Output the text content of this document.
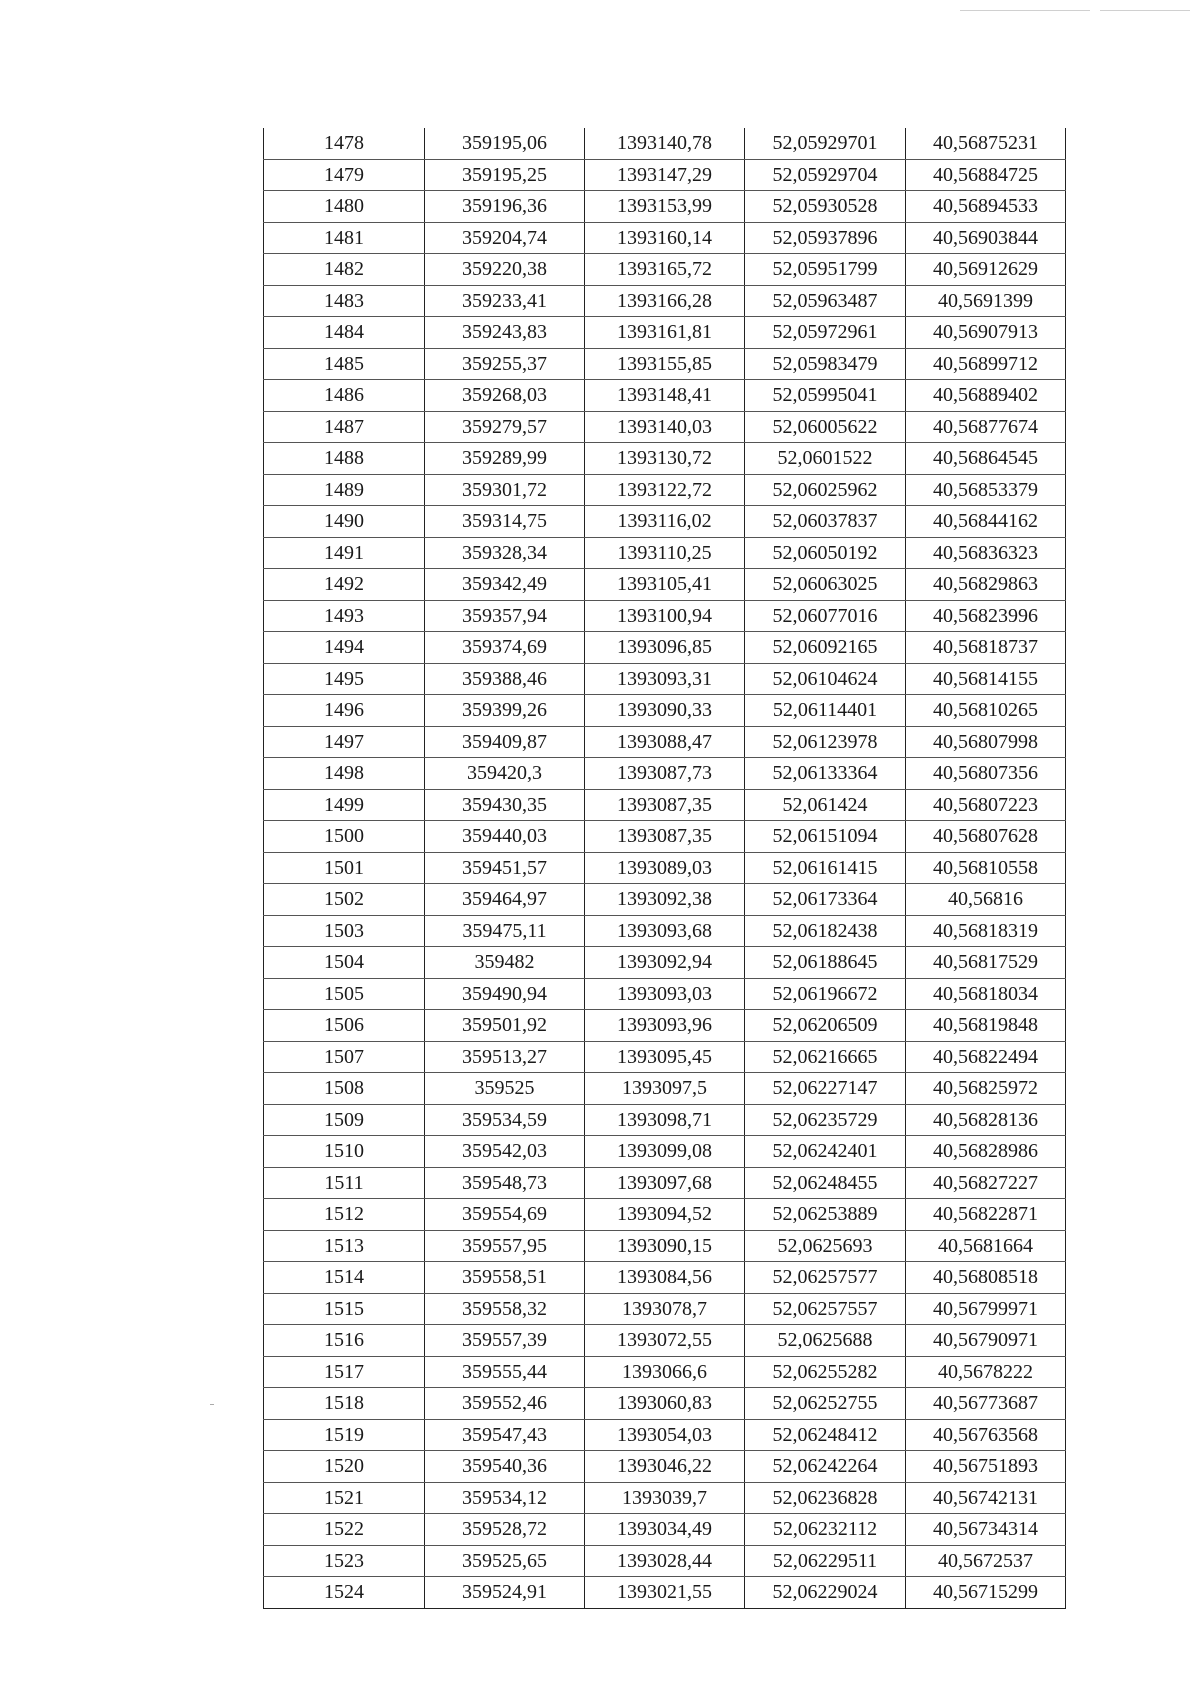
1478	359195,06	1393140,78	52,05929701	40,56875231
1479	359195,25	1393147,29	52,05929704	40,56884725
1480	359196,36	1393153,99	52,05930528	40,56894533
1481	359204,74	1393160,14	52,05937896	40,56903844
1482	359220,38	1393165,72	52,05951799	40,56912629
1483	359233,41	1393166,28	52,05963487	40,5691399
1484	359243,83	1393161,81	52,05972961	40,56907913
1485	359255,37	1393155,85	52,05983479	40,56899712
1486	359268,03	1393148,41	52,05995041	40,56889402
1487	359279,57	1393140,03	52,06005622	40,56877674
1488	359289,99	1393130,72	52,0601522	40,56864545
1489	359301,72	1393122,72	52,06025962	40,56853379
1490	359314,75	1393116,02	52,06037837	40,56844162
1491	359328,34	1393110,25	52,06050192	40,56836323
1492	359342,49	1393105,41	52,06063025	40,56829863
1493	359357,94	1393100,94	52,06077016	40,56823996
1494	359374,69	1393096,85	52,06092165	40,56818737
1495	359388,46	1393093,31	52,06104624	40,56814155
1496	359399,26	1393090,33	52,06114401	40,56810265
1497	359409,87	1393088,47	52,06123978	40,56807998
1498	359420,3	1393087,73	52,06133364	40,56807356
1499	359430,35	1393087,35	52,061424	40,56807223
1500	359440,03	1393087,35	52,06151094	40,56807628
1501	359451,57	1393089,03	52,06161415	40,56810558
1502	359464,97	1393092,38	52,06173364	40,56816
1503	359475,11	1393093,68	52,06182438	40,56818319
1504	359482	1393092,94	52,06188645	40,56817529
1505	359490,94	1393093,03	52,06196672	40,56818034
1506	359501,92	1393093,96	52,06206509	40,56819848
1507	359513,27	1393095,45	52,06216665	40,56822494
1508	359525	1393097,5	52,06227147	40,56825972
1509	359534,59	1393098,71	52,06235729	40,56828136
1510	359542,03	1393099,08	52,06242401	40,56828986
1511	359548,73	1393097,68	52,06248455	40,56827227
1512	359554,69	1393094,52	52,06253889	40,56822871
1513	359557,95	1393090,15	52,0625693	40,5681664
1514	359558,51	1393084,56	52,06257577	40,56808518
1515	359558,32	1393078,7	52,06257557	40,56799971
1516	359557,39	1393072,55	52,0625688	40,56790971
1517	359555,44	1393066,6	52,06255282	40,5678222
1518	359552,46	1393060,83	52,06252755	40,56773687
1519	359547,43	1393054,03	52,06248412	40,56763568
1520	359540,36	1393046,22	52,06242264	40,56751893
1521	359534,12	1393039,7	52,06236828	40,56742131
1522	359528,72	1393034,49	52,06232112	40,56734314
1523	359525,65	1393028,44	52,06229511	40,5672537
1524	359524,91	1393021,55	52,06229024	40,56715299
